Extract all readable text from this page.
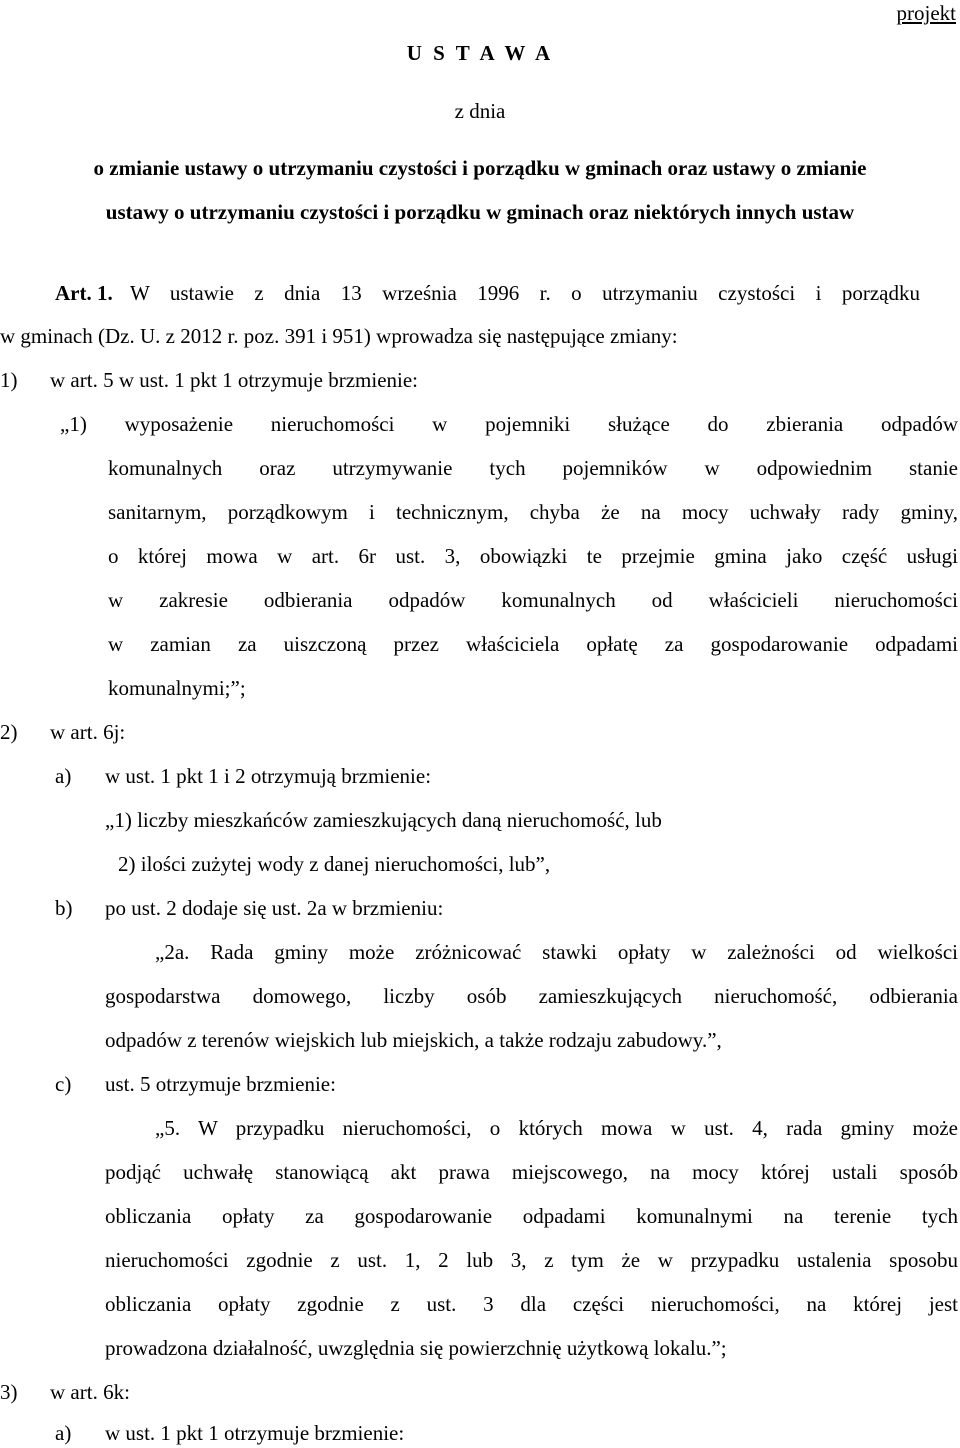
projekt
U S T A W A
z dnia
o zmianie ustawy o utrzymaniu czystości i porządku w gminach oraz ustawy o zmianie
ustawy o utrzymaniu czystości i porządku w gminach oraz niektórych innych ustaw
Art. 1. W ustawie z dnia 13 września 1996 r. o utrzymaniu czystości i porządku
w gminach (Dz. U. z 2012 r. poz. 391 i 951) wprowadza się następujące zmiany:
1) w art. 5 w ust. 1 pkt 1 otrzymuje brzmienie:
„1) wyposażenie nieruchomości w pojemniki służące do zbierania odpadów
komunalnych oraz utrzymywanie tych pojemników w odpowiednim stanie
sanitarnym, porządkowym i technicznym, chyba że na mocy uchwały rady gminy,
o której mowa w art. 6r ust. 3, obowiązki te przejmie gmina jako część usługi
w zakresie odbierania odpadów komunalnych od właścicieli nieruchomości
w zamian za uiszczoną przez właściciela opłatę za gospodarowanie odpadami
komunalnymi;”;
2) w art. 6j:
a) w ust. 1 pkt 1 i 2 otrzymują brzmienie:
„1) liczby mieszkańców zamieszkujących daną nieruchomość, lub
2) ilości zużytej wody z danej nieruchomości, lub”,
b) po ust. 2 dodaje się ust. 2a w brzmieniu:
„2a. Rada gminy może zróżnicować stawki opłaty w zależności od wielkości
gospodarstwa domowego, liczby osób zamieszkujących nieruchomość, odbierania
odpadów z terenów wiejskich lub miejskich, a także rodzaju zabudowy.”,
c) ust. 5 otrzymuje brzmienie:
„5. W przypadku nieruchomości, o których mowa w ust. 4, rada gminy może
podjąć uchwałę stanowiącą akt prawa miejscowego, na mocy której ustali sposób
obliczania opłaty za gospodarowanie odpadami komunalnymi na terenie tych
nieruchomości zgodnie z ust. 1, 2 lub 3, z tym że w przypadku ustalenia sposobu
obliczania opłaty zgodnie z ust. 3 dla części nieruchomości, na której jest
prowadzona działalność, uwzględnia się powierzchnię użytkową lokalu.”;
3) w art. 6k:
a) w ust. 1 pkt 1 otrzymuje brzmienie:
